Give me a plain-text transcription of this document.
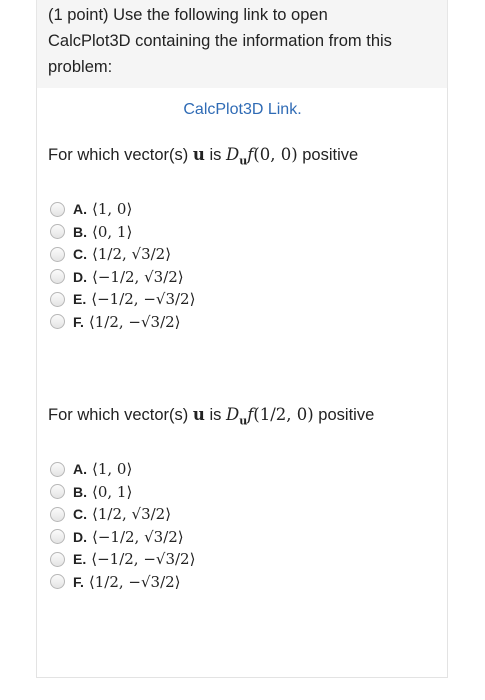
(1 point) Use the following link to open
CalcPlot3D containing the information from this
problem:
CalcPlot3D Link.
For which vector(s) u is $D_uf(0$, 0) positive
A. ⟨1, 0⟩
B. ⟨0, 1⟩
C. ⟨1/2, √3/2⟩
D. ⟨−1/2, √3/2⟩
E. ⟨−1/2, −√3/2⟩
F. ⟨1/2, −√3/2⟩
For which vector(s) u is $D_uf(1/2$, 0) positive
A. ⟨1, 0⟩
B. ⟨0, 1⟩
C. ⟨1/2, √3/2⟩
D. ⟨−1/2, √3/2⟩
E. ⟨−1/2, −√3/2⟩
F. ⟨1/2, −√3/2⟩
